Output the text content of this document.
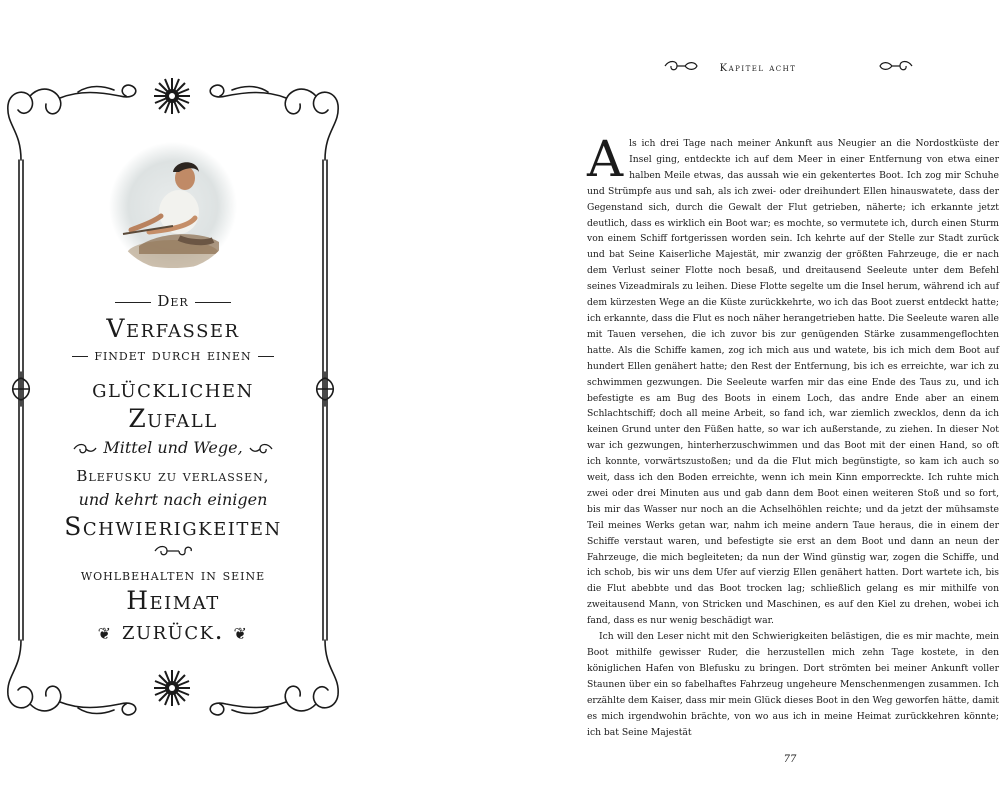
Der

Verfasser

findet durch einen

glücklichen

Zufall

Mittel und Wege,

Blefusku zu verlassen,

und kehrt nach einigen

Schwierigkeiten

wohlbehalten in seine

Heimat

❦ zurück. ❦

Kapitel acht

Als ich drei Tage nach meiner Ankunft aus Neugier an die Nordostküste der Insel ging, entdeckte ich auf dem Meer in einer Entfernung von etwa einer halben Meile etwas, das aussah wie ein gekentertes Boot. Ich zog mir Schuhe und Strümpfe aus und sah, als ich zwei- oder dreihundert Ellen hinauswatete, dass der Gegenstand sich, durch die Gewalt der Flut getrieben, näherte; ich erkannte jetzt deutlich, dass es wirklich ein Boot war; es mochte, so vermutete ich, durch einen Sturm von einem Schiff fortgerissen worden sein. Ich kehrte auf der Stelle zur Stadt zurück und bat Seine Kaiserliche Majestät, mir zwanzig der größten Fahrzeuge, die er nach dem Verlust seiner Flotte noch besaß, und dreitausend Seeleute unter dem Befehl seines Vizeadmirals zu leihen. Diese Flotte segelte um die Insel herum, während ich auf dem kürzesten Wege an die Küste zurückkehrte, wo ich das Boot zuerst entdeckt hatte; ich erkannte, dass die Flut es noch näher herangetrieben hatte. Die Seeleute waren alle mit Tauen versehen, die ich zuvor bis zur genügenden Stärke zusammengeflochten hatte. Als die Schiffe kamen, zog ich mich aus und watete, bis ich mich dem Boot auf hundert Ellen genähert hatte; den Rest der Entfernung, bis ich es erreichte, war ich zu schwimmen gezwungen. Die Seeleute warfen mir das eine Ende des Taus zu, und ich befestigte es am Bug des Boots in einem Loch, das andre Ende aber an einem Schlachtschiff; doch all meine Arbeit, so fand ich, war ziemlich zwecklos, denn da ich keinen Grund unter den Füßen hatte, so war ich außerstande, zu ziehen. In dieser Not war ich gezwungen, hinterherzuschwimmen und das Boot mit der einen Hand, so oft ich konnte, vorwärtszustoßen; und da die Flut mich begünstigte, so kam ich auch so weit, dass ich den Boden erreichte, wenn ich mein Kinn emporreckte. Ich ruhte mich zwei oder drei Minuten aus und gab dann dem Boot einen weiteren Stoß und so fort, bis mir das Wasser nur noch an die Achselhöhlen reichte; und da jetzt der mühsamste Teil meines Werks getan war, nahm ich meine andern Taue heraus, die in einem der Schiffe verstaut waren, und befestigte sie erst an dem Boot und dann an neun der Fahrzeuge, die mich begleiteten; da nun der Wind günstig war, zogen die Schiffe, und ich schob, bis wir uns dem Ufer auf vierzig Ellen genähert hatten. Dort wartete ich, bis die Flut abebbte und das Boot trocken lag; schließlich gelang es mir mithilfe von zweitausend Mann, von Stricken und Maschinen, es auf den Kiel zu drehen, wobei ich fand, dass es nur wenig beschädigt war.

Ich will den Leser nicht mit den Schwierigkeiten belästigen, die es mir machte, mein Boot mithilfe gewisser Ruder, die herzustellen mich zehn Tage kostete, in den königlichen Hafen von Blefusku zu bringen. Dort strömten bei meiner Ankunft voller Staunen über ein so fabelhaftes Fahrzeug ungeheure Menschenmengen zusammen. Ich erzählte dem Kaiser, dass mir mein Glück dieses Boot in den Weg geworfen hätte, damit es mich irgendwohin brächte, von wo aus ich in meine Heimat zurückkehren könnte; ich bat Seine Majestät

77
